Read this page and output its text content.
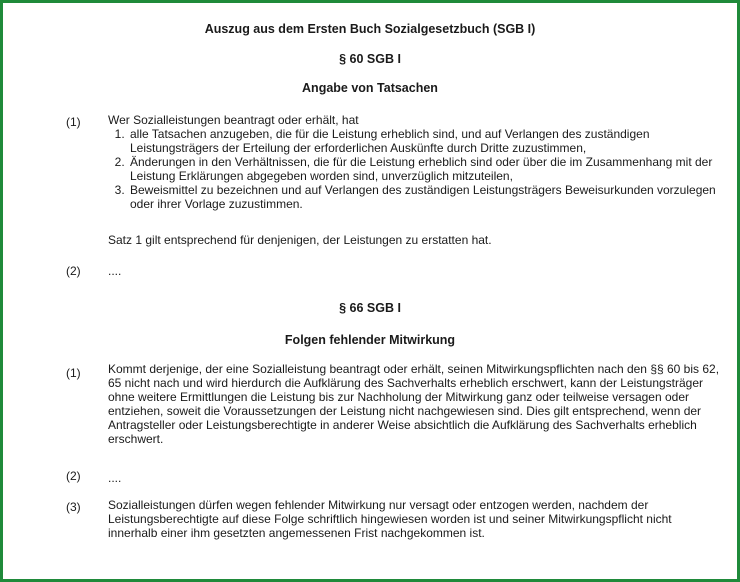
Auszug aus dem Ersten Buch Sozialgesetzbuch (SGB I)
§ 60 SGB I
Angabe von Tatsachen
(1) Wer Sozialleistungen beantragt oder erhält, hat
1. alle Tatsachen anzugeben, die für die Leistung erheblich sind, und auf Verlangen des zuständigen Leistungsträgers der Erteilung der erforderlichen Auskünfte durch Dritte zuzustimmen,
2. Änderungen in den Verhältnissen, die für die Leistung erheblich sind oder über die im Zusammenhang mit der Leistung Erklärungen abgegeben worden sind, unverzüglich mitzuteilen,
3. Beweismittel zu bezeichnen und auf Verlangen des zuständigen Leistungsträgers Beweisurkunden vorzulegen oder ihrer Vorlage zuzustimmen.
Satz 1 gilt entsprechend für denjenigen, der Leistungen zu erstatten hat.
(2) ....
§ 66 SGB I
Folgen fehlender Mitwirkung
(1) Kommt derjenige, der eine Sozialleistung beantragt oder erhält, seinen Mitwirkungspflichten nach den §§ 60 bis 62, 65 nicht nach und wird hierdurch die Aufklärung des Sachverhalts erheblich erschwert, kann der Leistungsträger ohne weitere Ermittlungen die Leistung bis zur Nachholung der Mitwirkung ganz oder teilweise versagen oder entziehen, soweit die Voraussetzungen der Leistung nicht nachgewiesen sind. Dies gilt entsprechend, wenn der Antragsteller oder Leistungsberechtigte in anderer Weise absichtlich die Aufklärung des Sachverhalts erheblich erschwert.
(2) ....
(3) Sozialleistungen dürfen wegen fehlender Mitwirkung nur versagt oder entzogen werden, nachdem der Leistungsberechtigte auf diese Folge schriftlich hingewiesen worden ist und seiner Mitwirkungspflicht nicht innerhalb einer ihm gesetzten angemessenen Frist nachgekommen ist.
